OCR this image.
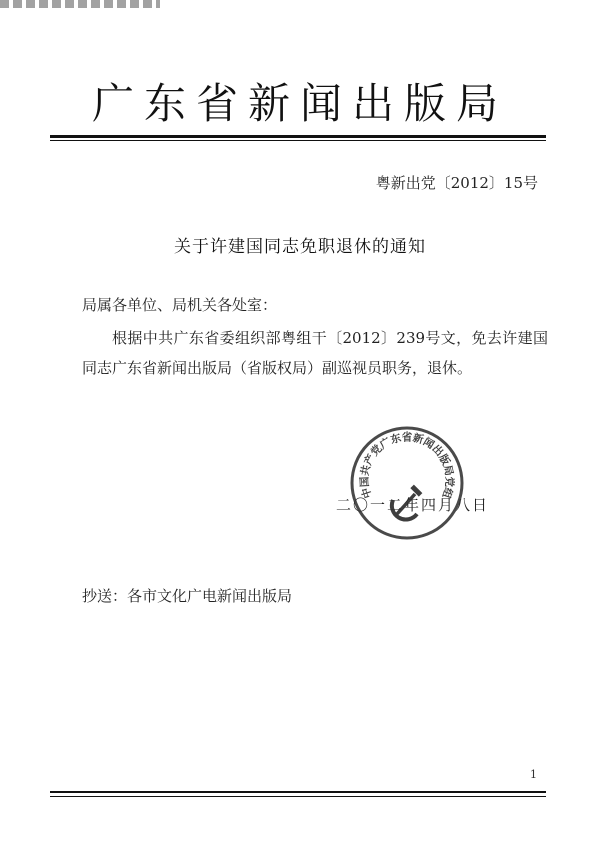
广东省新闻出版局
粤新出党〔2012〕15号
关于许建国同志免职退休的通知
局属各单位、局机关各处室：
根据中共广东省委组织部粤组干〔2012〕239号文，免去许建国同志广东省新闻出版局（省版权局）副巡视员职务，退休。
二〇一二年四月八日
中国共产党广东省新闻出版局党组
抄送：各市文化广电新闻出版局
1
